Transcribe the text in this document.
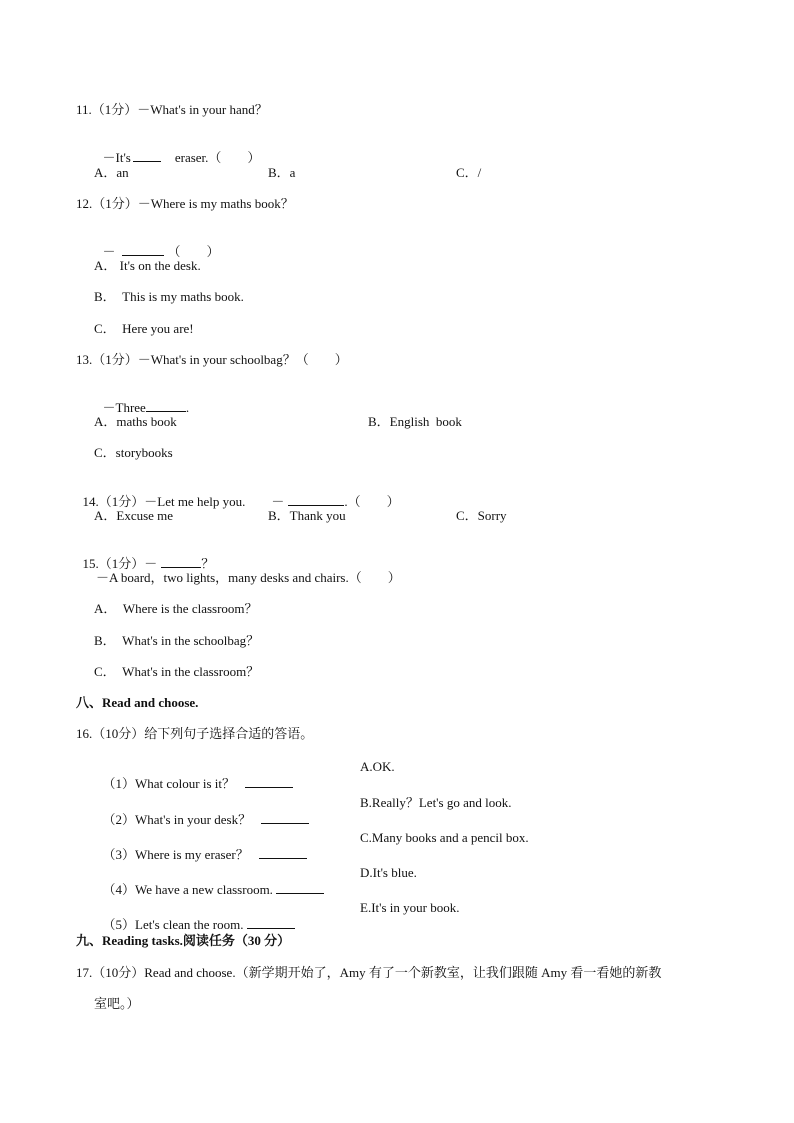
11.（1分）－What's in your hand？

－It's	eraser.（　　）

A．an	B．a	C．/
12.（1分）－Where is my maths book？

－	（　　）

A． It's on the desk.
B．　This is my maths book.
C．　Here you are!
13.（1分）－What's in your schoolbag？（　　）

－Three	.

A．maths book	B．English  book
C．storybooks

14.（1分）－Let me help you.　　－	.（　　）

A．Excuse me	B．Thank you	C．Sorry

15.（1分）－	？

－A board，two lights，many desks and chairs.（　　）
A．　Where is the classroom？
B．　What's in the schoolbag？
C．　What's in the classroom？
八、Read and choose.
16.（10分）给下列句子选择合适的答语。

（1）What colour is it？

A.OK.

（2）What's in your desk？

B.Really？Let's go and look.

（3）Where is my eraser？

C.Many books and a pencil box.

（4）We have a new classroom.

D.It's blue.

（5）Let's clean the room.

E.It's in your book.
九、Reading tasks.阅读任务（30 分）
17.（10分）Read and choose.（新学期开始了，Amy 有了一个新教室，让我们跟随 Amy 看一看她的新教
室吧。）
